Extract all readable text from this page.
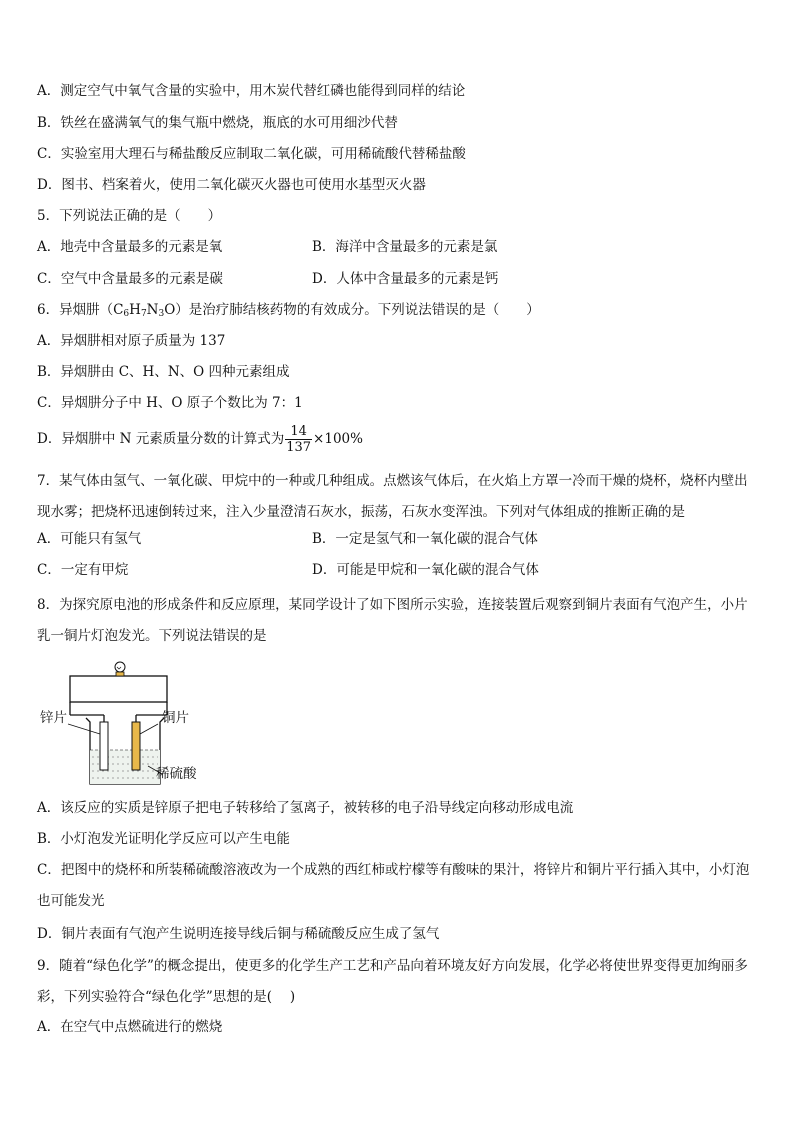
A．测定空气中氧气含量的实验中，用木炭代替红磷也能得到同样的结论
B．铁丝在盛满氧气的集气瓶中燃烧，瓶底的水可用细沙代替
C．实验室用大理石与稀盐酸反应制取二氧化碳，可用稀硫酸代替稀盐酸
D．图书、档案着火，使用二氧化碳灭火器也可使用水基型灭火器
5．下列说法正确的是（　　）
A．地壳中含量最多的元素是氧	B．海洋中含量最多的元素是氯
C．空气中含量最多的元素是碳	D．人体中含量最多的元素是钙
6．异烟肼$(C_6H_7N_3O)$是治疗肺结核药物的有效成分。下列说法错误的是（　　）
A．异烟肼相对原子质量为 137
B．异烟肼由 C、H、N、O 四种元素组成
C．异烟肼分子中 H、O 原子个数比为 7：1
D．异烟肼中 N 元素质量分数的计算式为 $\frac{14}{137} \times 100\%$
7．某气体由氢气、一氧化碳、甲烷中的一种或几种组成。点燃该气体后，在火焰上方罩一冷而干燥的烧杯，烧杯内壁出现水雾；把烧杯迅速倒转过来，注入少量澄清石灰水，振荡，石灰水变浑浊。下列对气体组成的推断正确的是
A．可能只有氢气	B．一定是氢气和一氧化碳的混合气体
C．一定有甲烷	D．可能是甲烷和一氧化碳的混合气体
8．为探究原电池的形成条件和反应原理，某同学设计了如下图所示实验，连接装置后观察到铜片表面有气泡产生，小片乳一铜片灯泡发光。下列说法错误的是
锌片	铜片
稀硫酸
A．该反应的实质是锌原子把电子转移给了氢离子，被转移的电子沿导线定向移动形成电流
B．小灯泡发光证明化学反应可以产生电能
C．把图中的烧杯和所装稀硫酸溶液改为一个成熟的西红柿或柠檬等有酸味的果汁，将锌片和铜片平行插入其中，小灯泡也可能发光
D．铜片表面有气泡产生说明连接导线后铜与稀硫酸反应生成了氢气
9．随着“绿色化学”的概念提出，使更多的化学生产工艺和产品向着环境友好方向发展，化学必将使世界变得更加绚丽多彩，下列实验符合“绿色化学”思想的是(　 )
A．在空气中点燃硫进行的燃烧
